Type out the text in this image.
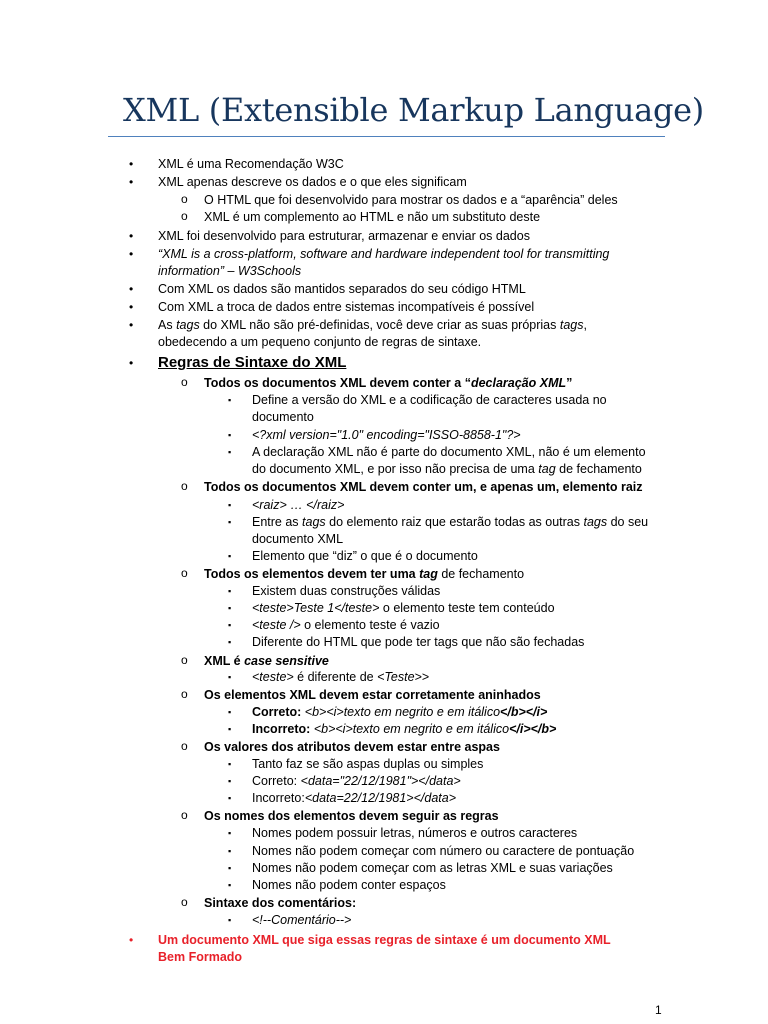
XML (Extensible Markup Language)
• XML é uma Recomendação W3C
• XML apenas descreve os dados e o que eles significam
o O HTML que foi desenvolvido para mostrar os dados e a “aparência” deles
o XML é um complemento ao HTML e não um substituto deste
• XML foi desenvolvido para estruturar, armazenar e enviar os dados
• “XML is a cross-platform, software and hardware independent tool for transmitting
information” – W3Schools
• Com XML os dados são mantidos separados do seu código HTML
• Com XML a troca de dados entre sistemas incompatíveis é possível
• As tags do XML não são pré-definidas, você deve criar as suas próprias tags,
obedecendo a um pequeno conjunto de regras de sintaxe.
• Regras de Sintaxe do XML
o Todos os documentos XML devem conter a “declaração XML”
▪ Define a versão do XML e a codificação de caracteres usada no
documento
▪ <?xml version="1.0" encoding="ISSO-8858-1"?>
▪ A declaração XML não é parte do documento XML, não é um elemento
do documento XML, e por isso não precisa de uma tag de fechamento
o Todos os documentos XML devem conter um, e apenas um, elemento raiz
▪ <raiz> … </raiz>
▪ Entre as tags do elemento raiz que estarão todas as outras tags do seu
documento XML
▪ Elemento que “diz” o que é o documento
o Todos os elementos devem ter uma tag de fechamento
▪ Existem duas construções válidas
▪ <teste>Teste 1</teste> o elemento teste tem conteúdo
▪ <teste /> o elemento teste é vazio
▪ Diferente do HTML que pode ter tags que não são fechadas
o XML é case sensitive
▪ <teste> é diferente de <Teste>>
o Os elementos XML devem estar corretamente aninhados
▪ Correto: <b><i>texto em negrito e em itálico</b></i>
▪ Incorreto: <b><i>texto em negrito e em itálico</i></b>
o Os valores dos atributos devem estar entre aspas
▪ Tanto faz se são aspas duplas ou simples
▪ Correto: <data="22/12/1981"></data>
▪ Incorreto:<data=22/12/1981></data>
o Os nomes dos elementos devem seguir as regras
▪ Nomes podem possuir letras, números e outros caracteres
▪ Nomes não podem começar com número ou caractere de pontuação
▪ Nomes não podem começar com as letras XML e suas variações
▪ Nomes não podem conter espaços
o Sintaxe dos comentários:
▪ <!--Comentário-->
• Um documento XML que siga essas regras de sintaxe é um documento XML
Bem Formado
1
